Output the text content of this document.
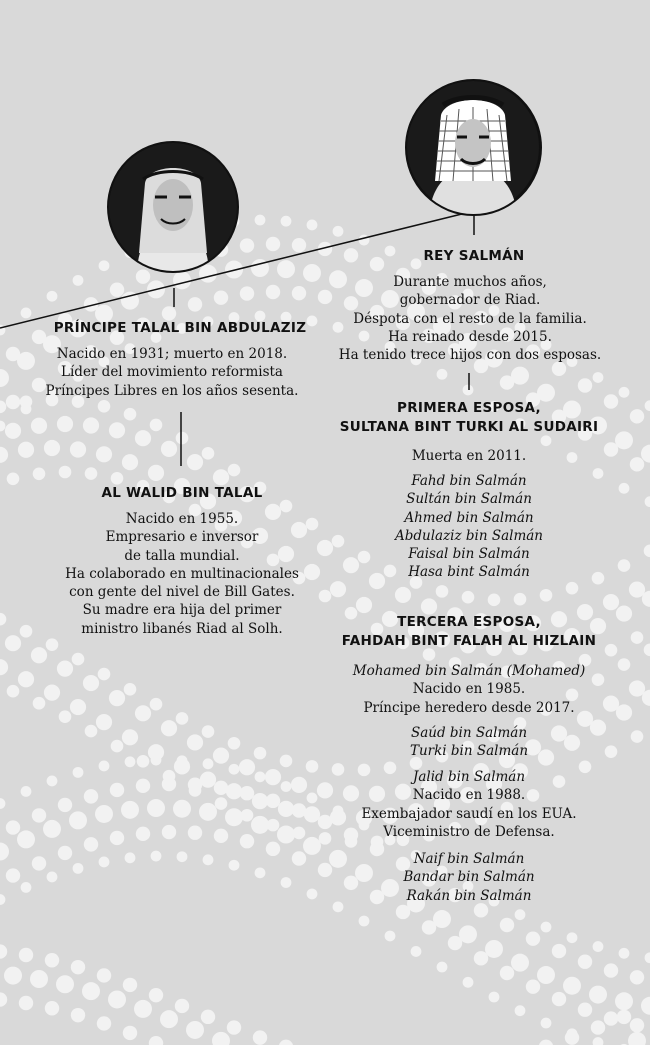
REY SALMÁN
Durante muchos años,
gobernador de Riad.
Déspota con el resto de la familia.
Ha reinado desde 2015.
Ha tenido trece hijos con dos esposas.
PRÍNCIPE TALAL BIN ABDULAZIZ
Nacido en 1931; muerto en 2018.
Líder del movimiento reformista
Príncipes Libres en los años sesenta.
AL WALID BIN TALAL
Nacido en 1955.
Empresario e inversor
de talla mundial.
Ha colaborado en multinacionales
con gente del nivel de Bill Gates.
Su madre era hija del primer
ministro libanés Riad al Solh.
PRIMERA ESPOSA,
SULTANA BINT TURKI AL SUDAIRI
Muerta en 2011.
Fahd bin Salmán
Sultán bin Salmán
Ahmed bin Salmán
Abdulaziz bin Salmán
Faisal bin Salmán
Hasa bint Salmán
TERCERA ESPOSA,
FAHDAH BINT FALAH AL HIZLAIN
Mohamed bin Salmán (Mohamed)
Nacido en 1985.
Príncipe heredero desde 2017.
Saúd bin Salmán
Turki bin Salmán
Jalid bin Salmán
Nacido en 1988.
Exembajador saudí en los EUA.
Viceministro de Defensa.
Naif bin Salmán
Bandar bin Salmán
Rakán bin Salmán
